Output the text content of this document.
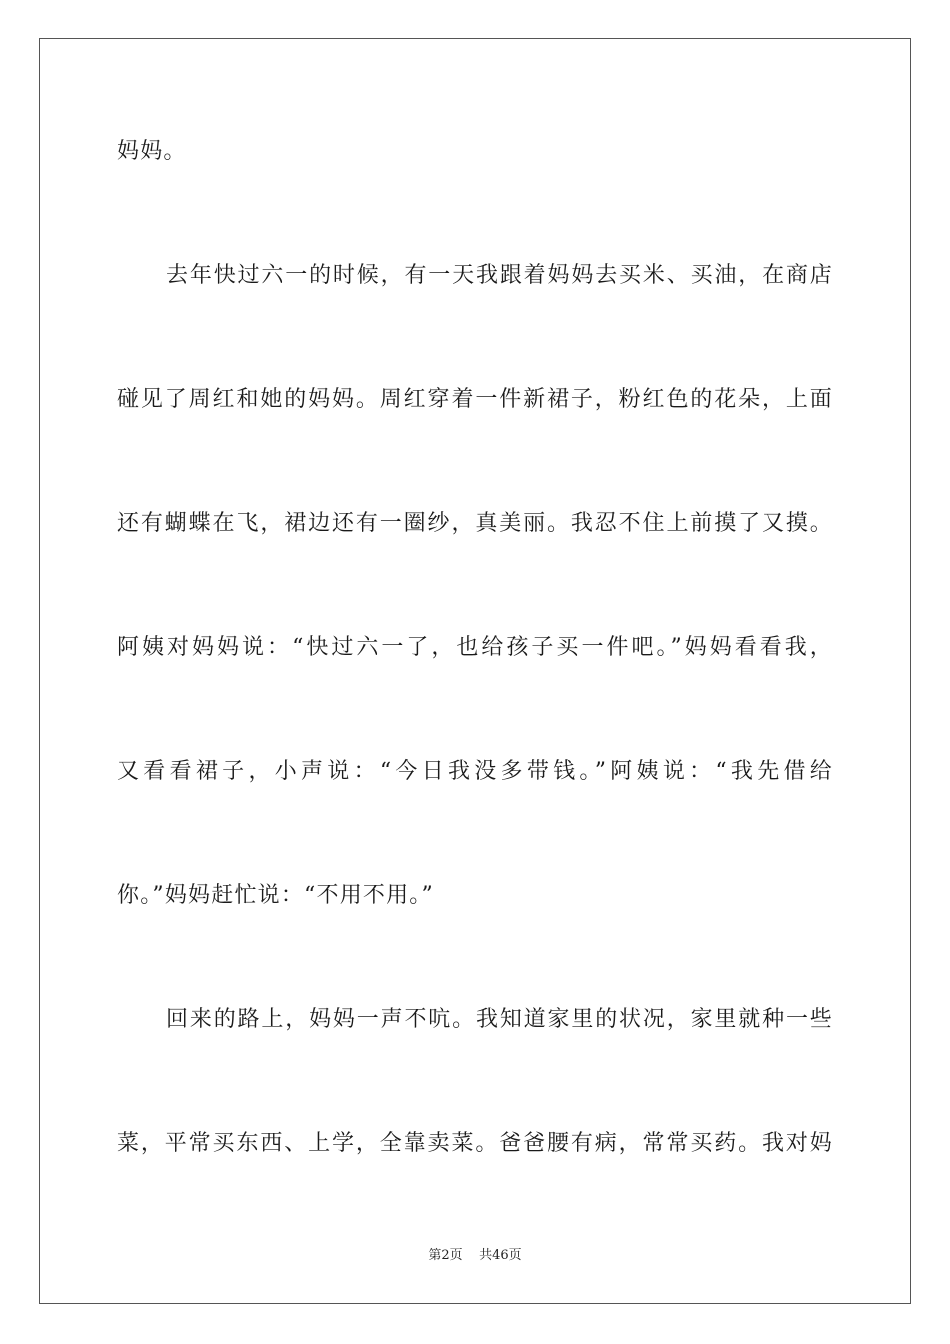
妈妈。
去年快过六一的时候，有一天我跟着妈妈去买米、买油，在商店
碰见了周红和她的妈妈。周红穿着一件新裙子，粉红色的花朵，上面
还有蝴蝶在飞，裙边还有一圈纱，真美丽。我忍不住上前摸了又摸。
阿姨对妈妈说：“快过六一了，也给孩子买一件吧。”妈妈看看我，
又看看裙子，小声说：“今日我没多带钱。”阿姨说：“我先借给
你。”妈妈赶忙说：“不用不用。”
回来的路上，妈妈一声不吭。我知道家里的状况，家里就种一些
菜，平常买东西、上学，全靠卖菜。爸爸腰有病，常常买药。我对妈
第2页 共46页
